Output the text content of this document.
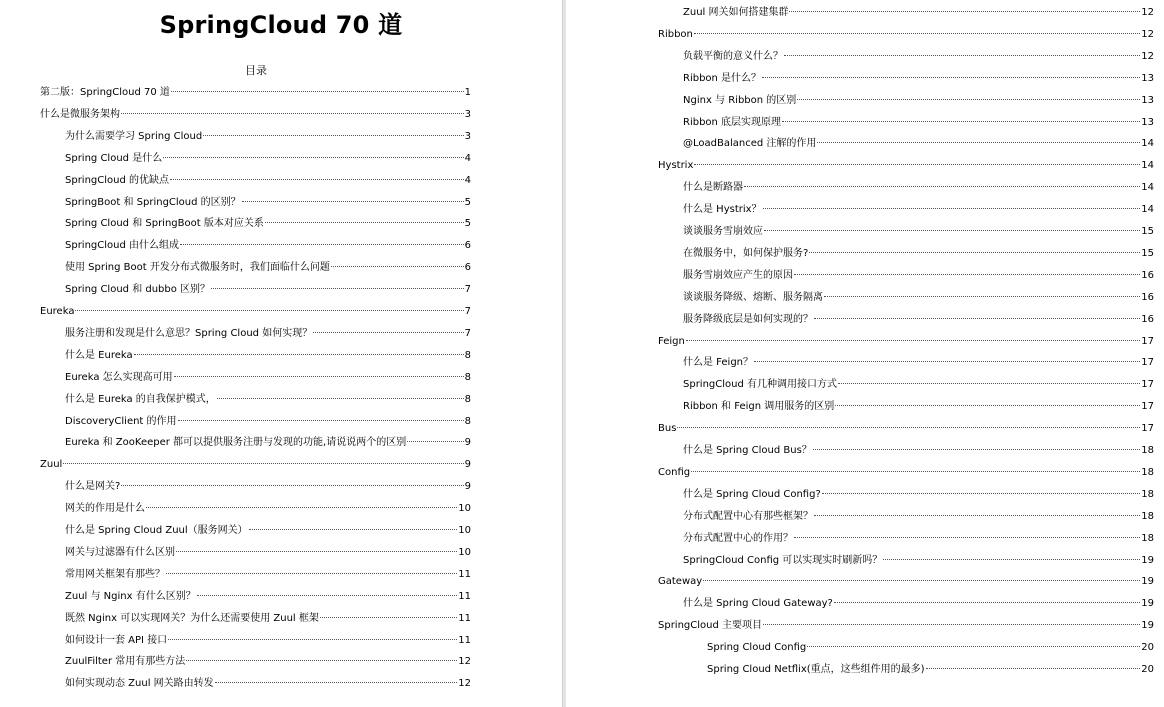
SpringCloud 70 道
目录
第二版：SpringCloud 70 道	1
什么是微服务架构	3
为什么需要学习 Spring Cloud	3
Spring Cloud 是什么	4
SpringCloud 的优缺点	4
SpringBoot 和 SpringCloud 的区别？	5
Spring Cloud 和 SpringBoot 版本对应关系	5
SpringCloud 由什么组成	6
使用 Spring Boot 开发分布式微服务时，我们面临什么问题	6
Spring Cloud 和 dubbo 区别？	7
Eureka	7
服务注册和发现是什么意思？Spring Cloud 如何实现？	7
什么是 Eureka	8
Eureka 怎么实现高可用	8
什么是 Eureka 的自我保护模式，	8
DiscoveryClient 的作用	8
Eureka 和 ZooKeeper 都可以提供服务注册与发现的功能,请说说两个的区别	9
Zuul	9
什么是网关?	9
网关的作用是什么	10
什么是 Spring Cloud Zuul（服务网关）	10
网关与过滤器有什么区别	10
常用网关框架有那些？	11
Zuul 与 Nginx 有什么区别？	11
既然 Nginx 可以实现网关？为什么还需要使用 Zuul 框架	11
如何设计一套 API 接口	11
ZuulFilter 常用有那些方法	12
如何实现动态 Zuul 网关路由转发	12
Zuul 网关如何搭建集群	12
Ribbon	12
负载平衡的意义什么？	12
Ribbon 是什么？	13
Nginx 与 Ribbon 的区别	13
Ribbon 底层实现原理	13
@LoadBalanced 注解的作用	14
Hystrix	14
什么是断路器	14
什么是 Hystrix？	14
谈谈服务雪崩效应	15
在微服务中，如何保护服务?	15
服务雪崩效应产生的原因	16
谈谈服务降级、熔断、服务隔离	16
服务降级底层是如何实现的？	16
Feign	17
什么是 Feign？	17
SpringCloud 有几种调用接口方式	17
Ribbon 和 Feign 调用服务的区别	17
Bus	17
什么是 Spring Cloud Bus？	18
Config	18
什么是 Spring Cloud Config?	18
分布式配置中心有那些框架？	18
分布式配置中心的作用？	18
SpringCloud Config 可以实现实时刷新吗？	19
Gateway	19
什么是 Spring Cloud Gateway?	19
SpringCloud 主要项目	19
Spring Cloud Config	20
Spring Cloud Netflix(重点，这些组件用的最多)	20
